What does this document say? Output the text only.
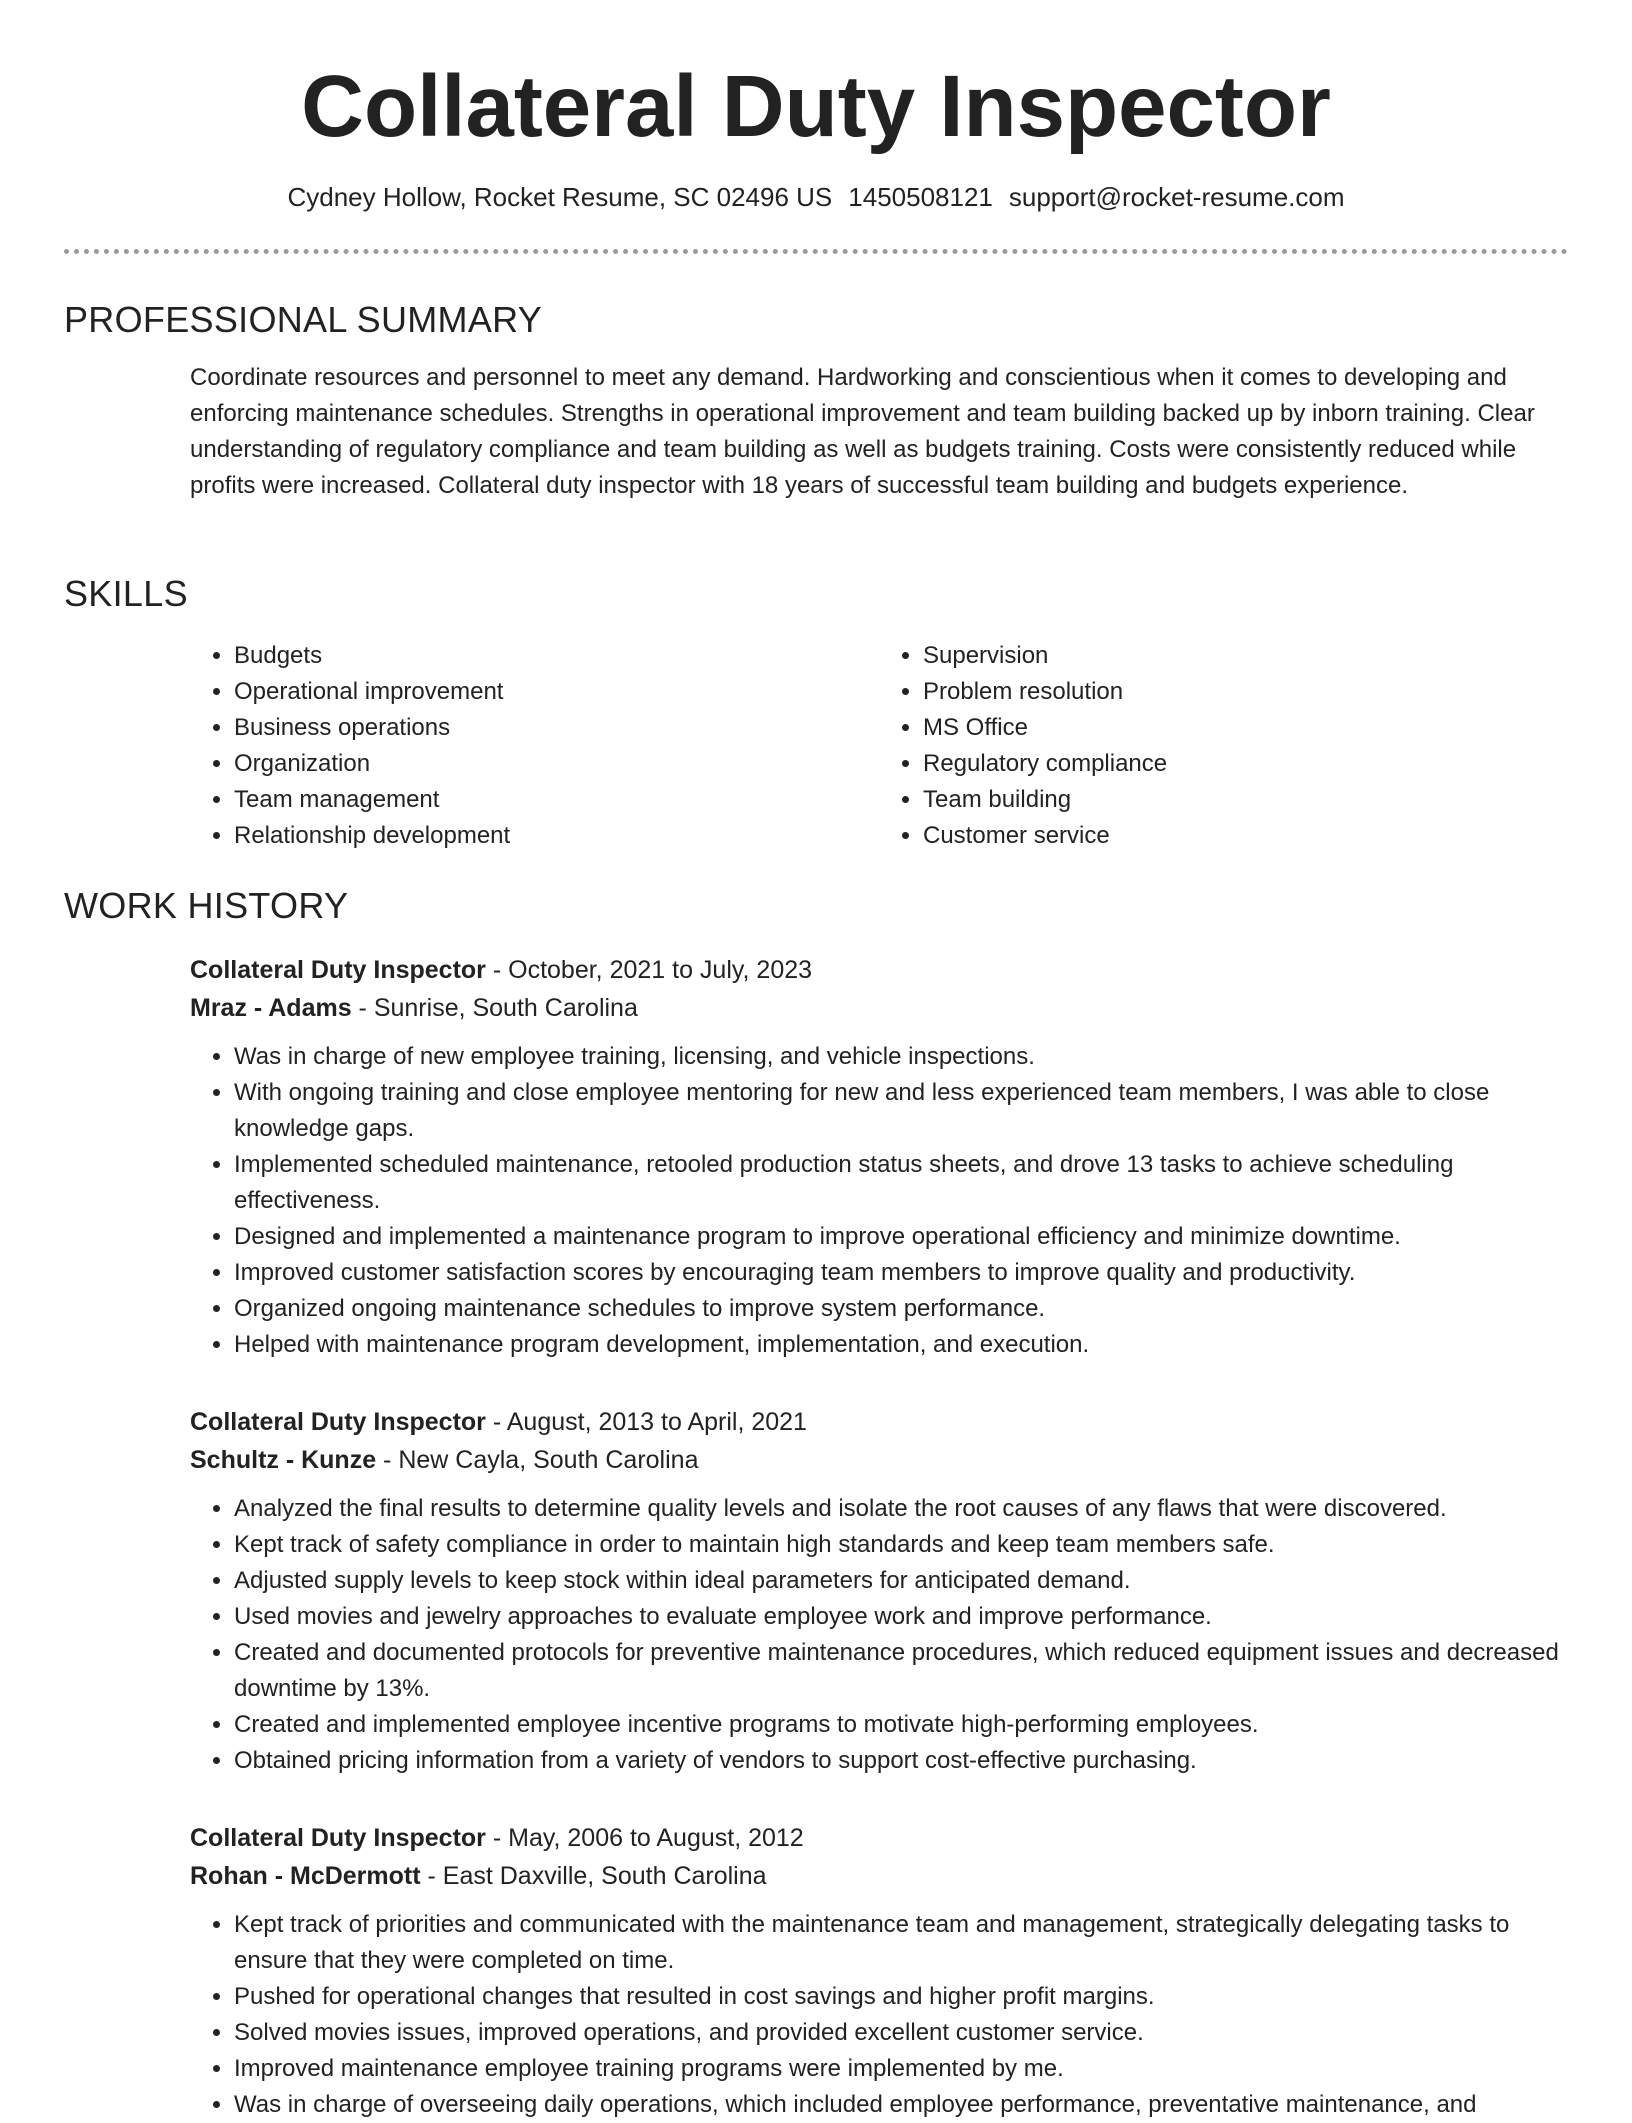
Collateral Duty Inspector
Cydney Hollow, Rocket Resume, SC 02496 US 1450508121 support@rocket-resume.com
PROFESSIONAL SUMMARY

Coordinate resources and personnel to meet any demand. Hardworking and conscientious when it comes to developing and enforcing maintenance schedules. Strengths in operational improvement and team building backed up by inborn training. Clear understanding of regulatory compliance and team building as well as budgets training. Costs were consistently reduced while profits were increased. Collateral duty inspector with 18 years of successful team building and budgets experience.

SKILLS
• Budgets
• Operational improvement
• Business operations
• Organization
• Team management
• Relationship development
• Supervision
• Problem resolution
• MS Office
• Regulatory compliance
• Team building
• Customer service
WORK HISTORY
Collateral Duty Inspector - October, 2021 to July, 2023
Mraz - Adams - Sunrise, South Carolina
• Was in charge of new employee training, licensing, and vehicle inspections.
• With ongoing training and close employee mentoring for new and less experienced team members, I was able to close knowledge gaps.
• Implemented scheduled maintenance, retooled production status sheets, and drove 13 tasks to achieve scheduling effectiveness.
• Designed and implemented a maintenance program to improve operational efficiency and minimize downtime.
• Improved customer satisfaction scores by encouraging team members to improve quality and productivity.
• Organized ongoing maintenance schedules to improve system performance.
• Helped with maintenance program development, implementation, and execution.
Collateral Duty Inspector - August, 2013 to April, 2021
Schultz - Kunze - New Cayla, South Carolina
• Analyzed the final results to determine quality levels and isolate the root causes of any flaws that were discovered.
• Kept track of safety compliance in order to maintain high standards and keep team members safe.
• Adjusted supply levels to keep stock within ideal parameters for anticipated demand.
• Used movies and jewelry approaches to evaluate employee work and improve performance.
• Created and documented protocols for preventive maintenance procedures, which reduced equipment issues and decreased downtime by 13%.
• Created and implemented employee incentive programs to motivate high-performing employees.
• Obtained pricing information from a variety of vendors to support cost-effective purchasing.
Collateral Duty Inspector - May, 2006 to August, 2012
Rohan - McDermott - East Daxville, South Carolina
• Kept track of priorities and communicated with the maintenance team and management, strategically delegating tasks to ensure that they were completed on time.
• Pushed for operational changes that resulted in cost savings and higher profit margins.
• Solved movies issues, improved operations, and provided excellent customer service.
• Improved maintenance employee training programs were implemented by me.
• Was in charge of overseeing daily operations, which included employee performance, preventative maintenance, and
